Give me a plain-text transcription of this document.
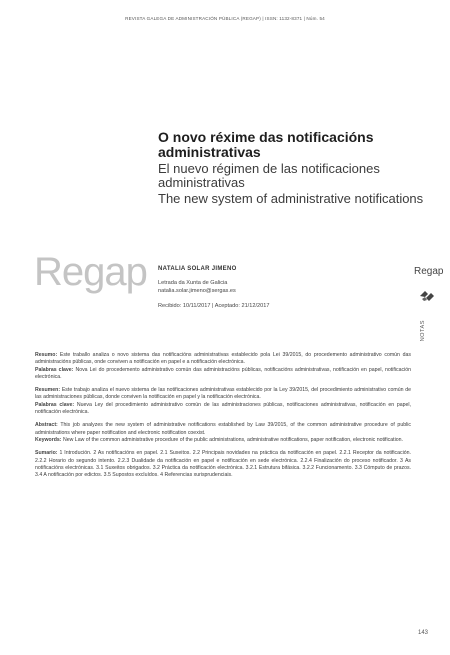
REVISTA GALEGA DE ADMINISTRACIÓN PÚBLICA (REGAP) | ISSN: 1132-8371 | Núm. 54
O novo réxime das notificacións administrativas
El nuevo régimen de las notificaciones administrativas
The new system of administrative notifications
Regap NATALIA SOLAR JIMENO
Letrada da Xunta de Galicia
natalia.solar.jimeno@sergas.es
Recibido: 10/11/2017 | Aceptado: 21/12/2017
Regap
NOTAS

Resumo: Este traballo analiza o novo sistema das notificacións administrativas establecido pola Lei 39/2015, do procedemento administrativo común das administracións públicas, onde conviven a notificación en papel e a notificación electrónica.

Palabras clave: Nova Lei do procedemento administrativo común das administracións públicas, notificacións administrativas, notificación en papel, notificación electrónica.

Resumen: Este trabajo analiza el nuevo sistema de las notificaciones administrativas establecido por la Ley 39/2015, del procedimiento administrativo común de las administraciones públicas, donde conviven la notificación en papel y la notificación electrónica.

Palabras clave: Nueva Ley del procedimiento administrativo común de las administraciones públicas, notificaciones administrativas, notificación en papel, notificación electrónica.

Abstract: This job analyzes the new system of administrative notifications established by Law 39/2015, of the common administrative procedure of public administrations where paper notification and electronic notification coexist.

Keywords: New Law of the common administrative procedure of the public administrations, administrative notifications, paper notification, electronic notification.

Sumario: 1 Introdución. 2 As notificacións en papel. 2.1 Suxeitos. 2.2 Principais novidades na práctica da notificación en papel. 2.2.1 Receptor da notificación. 2.2.2 Horario do segundo intento. 2.2.3 Dualidade da notificación en papel e notificación en sede electrónica. 2.2.4 Finalización do proceso notificador. 3 As notificacións electrónicas. 3.1 Suxeitos obrigados. 3.2 Práctica da notificación electrónica. 3.2.1 Estrutura bifásica. 3.2.2 Funcionamento. 3.3 Cómputo de prazos. 3.4 A notificación por edictos. 3.5 Supostos excluídos. 4 Referencias xurisprudenciais.

143
